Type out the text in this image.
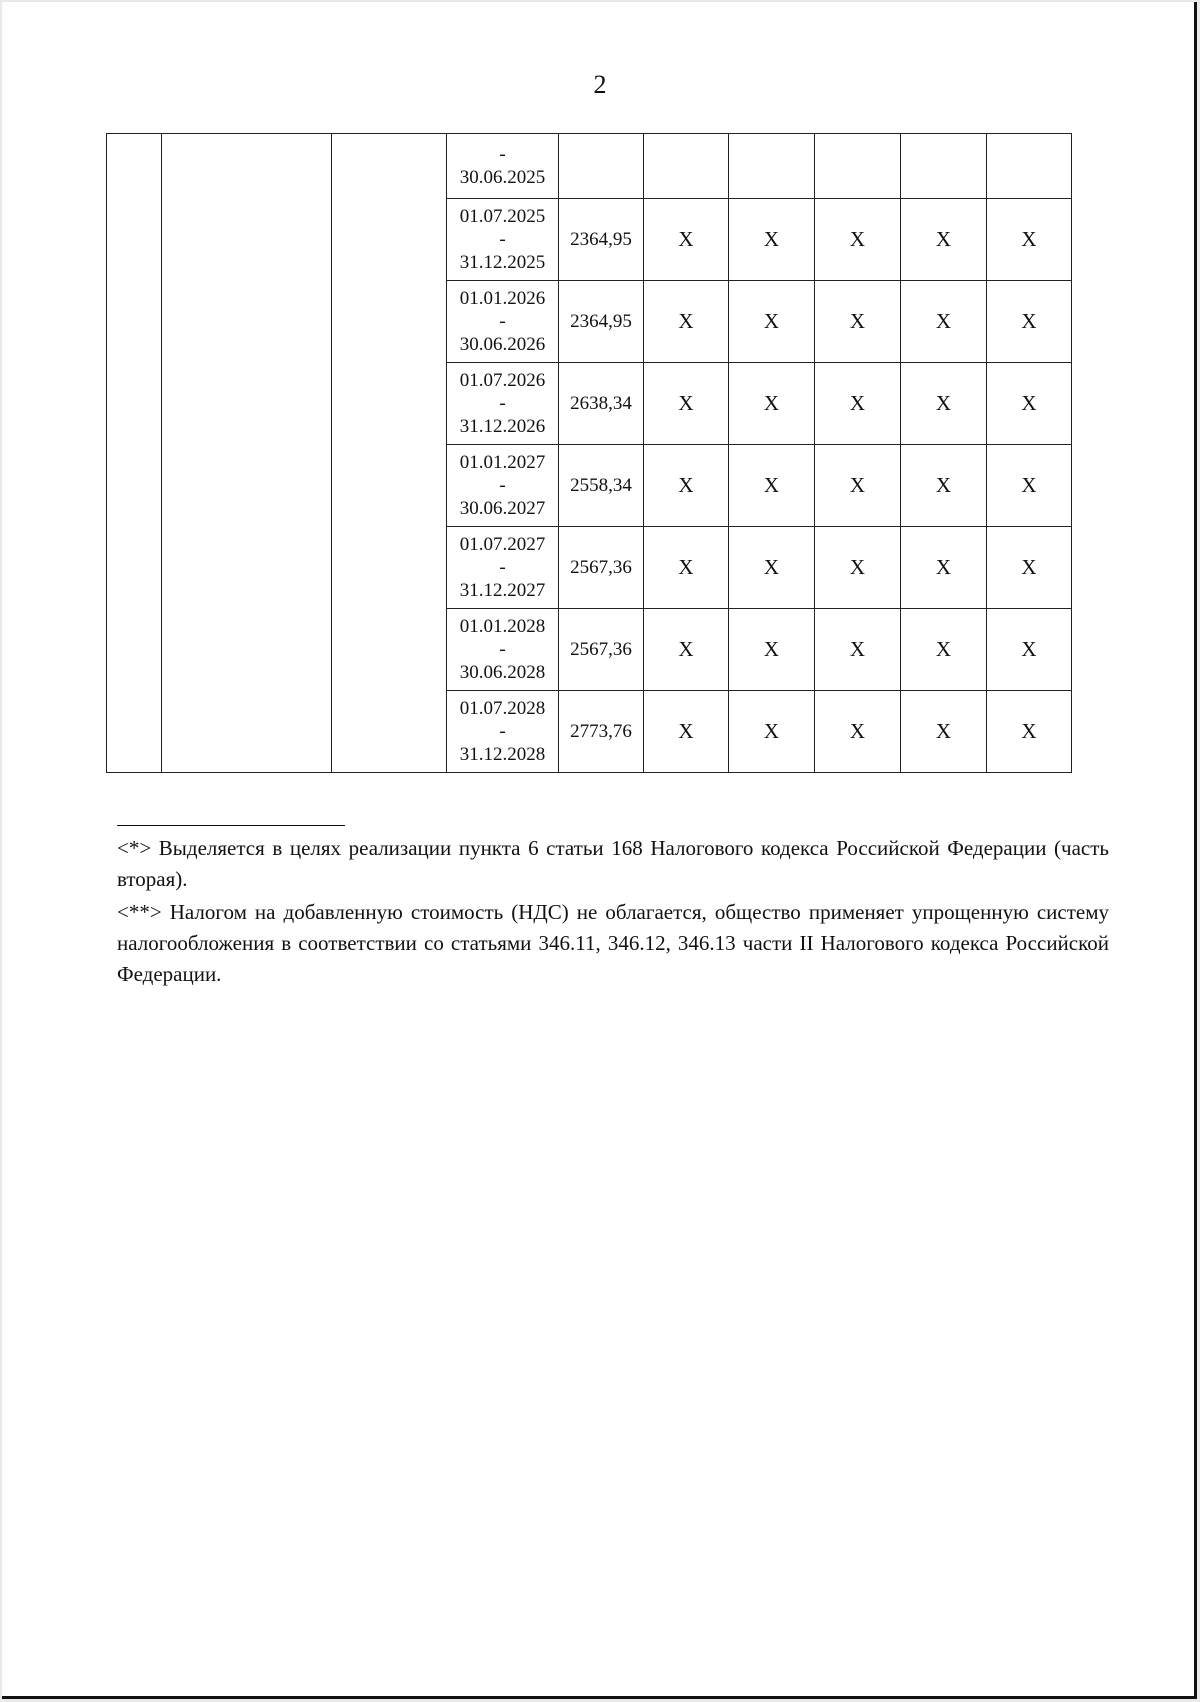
2

			-
30.06.2025						

			01.07.2025
-
31.12.2025	2364,95	Х	Х	Х	Х	Х

			01.01.2026
-
30.06.2026	2364,95	Х	Х	Х	Х	Х

			01.07.2026
-
31.12.2026	2638,34	Х	Х	Х	Х	Х

			01.01.2027
-
30.06.2027	2558,34	Х	Х	Х	Х	Х

			01.07.2027
-
31.12.2027	2567,36	Х	Х	Х	Х	Х

			01.01.2028
-
30.06.2028	2567,36	Х	Х	Х	Х	Х

			01.07.2028
-
31.12.2028	2773,76	Х	Х	Х	Х	Х

<*> Выделяется в целях реализации пункта 6 статьи 168 Налогового кодекса Российской Федерации (часть вторая).

<**> Налогом на добавленную стоимость (НДС) не облагается, общество применяет упрощенную систему налогообложения в соответствии со статьями 346.11, 346.12, 346.13 части II Налогового кодекса Российской Федерации.
